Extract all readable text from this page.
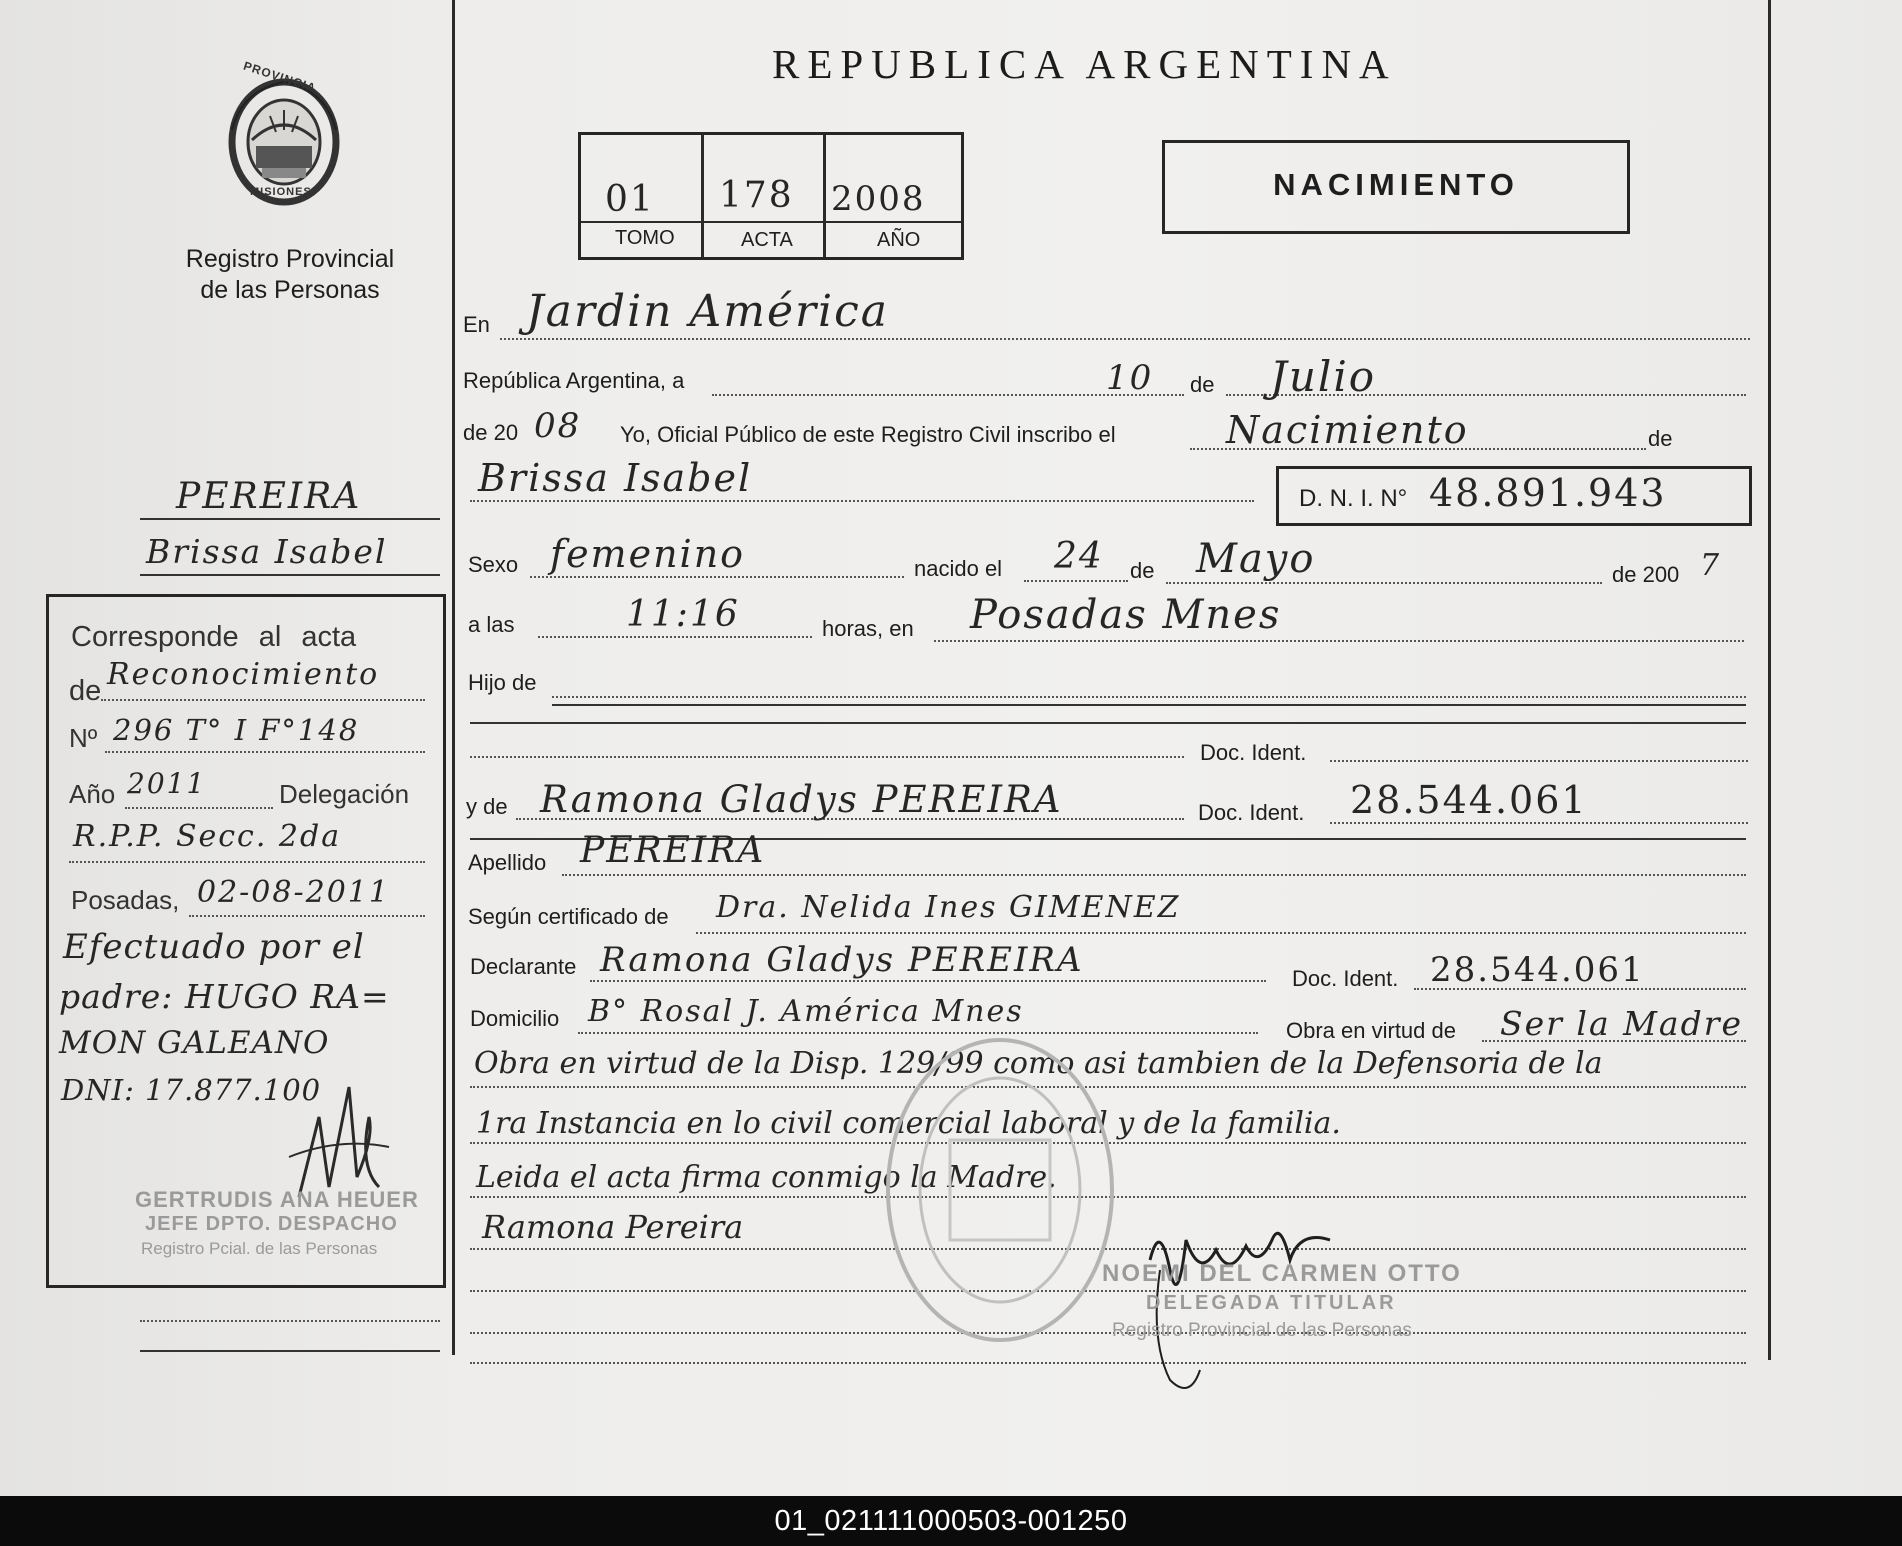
PROVINCIA
MISIONES
Registro Provincial
de las Personas
REPUBLICA ARGENTINA
01 178 2008
TOMO	ACTA	AÑO
NACIMIENTO
PEREIRA
Brissa Isabel
Corresponde al acta
de Reconocimiento
Nº 296 T° I F°148
Año 2011	Delegación
R.P.P. Secc. 2da
Posadas, 02-08-2011
Efectuado por el
padre: HUGO RA=
MON GALEANO
DNI: 17.877.100
GERTRUDIS ANA HEUER
JEFE DPTO. DESPACHO
Registro Pcial. de las Personas
En Jardin América
República Argentina, a	10 de Julio
de 20 08 Yo, Oficial Público de este Registro Civil inscribo el	Nacimiento	de
Brissa Isabel	D. N. I. N° 48.891.943
Sexo femenino	nacido el 24 de Mayo	de 200 7
a las	11:16	horas, en Posadas Mnes
Hijo de
Doc. Ident.
y de Ramona Gladys PEREIRA	Doc. Ident. 28.544.061
Apellido PEREIRA
Según certificado de Dra. Nelida Ines GIMENEZ
Declarante Ramona Gladys PEREIRA	Doc. Ident. 28.544.061
Domicilio B° Rosal J. América Mnes
Obra en virtud de Ser la Madre
Obra en virtud de la Disp. 129/99 como asi tambien de la Defensoria de la
1ra Instancia en lo civil comercial laboral y de la familia.
Leida el acta firma conmigo la Madre.
Ramona Pereira
NOEMI DEL CARMEN OTTO
DELEGADA TITULAR
Registro Provincial de las Personas
01_021111000503-001250
